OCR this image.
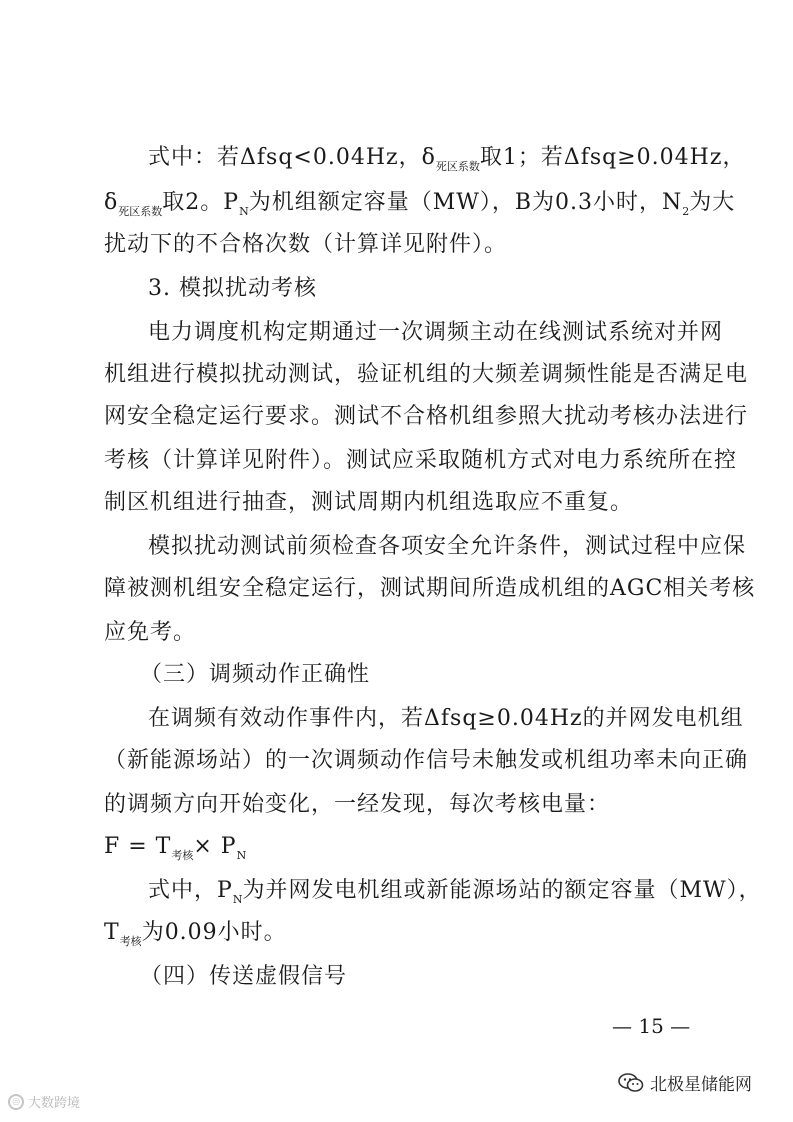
式中：若Δfsq<0.04Hz，$\delta_{死区系数}$取1；若Δfsq≥0.04Hz，
$\delta_{死区系数}$取2。$P_N$为机组额定容量（MW），B为0.3小时，$N_2$为大
扰动下的不合格次数（计算详见附件）。
3. 模拟扰动考核
电力调度机构定期通过一次调频主动在线测试系统对并网
机组进行模拟扰动测试，验证机组的大频差调频性能是否满足电
网安全稳定运行要求。测试不合格机组参照大扰动考核办法进行
考核（计算详见附件）。测试应采取随机方式对电力系统所在控
制区机组进行抽查，测试周期内机组选取应不重复。
模拟扰动测试前须检查各项安全允许条件，测试过程中应保
障被测机组安全稳定运行，测试期间所造成机组的AGC相关考核
应免考。
（三）调频动作正确性
在调频有效动作事件内，若Δfsq≥0.04Hz的并网发电机组
（新能源场站）的一次调频动作信号未触发或机组功率未向正确
的调频方向开始变化，一经发现，每次考核电量：
$F = T_{考核}\times P_N$
式中，$P_N$为并网发电机组或新能源场站的额定容量（MW），
$T_{考核}$为0.09小时。
（四）传送虚假信号
— 15 —
北极星储能网
◎ 大数跨境
